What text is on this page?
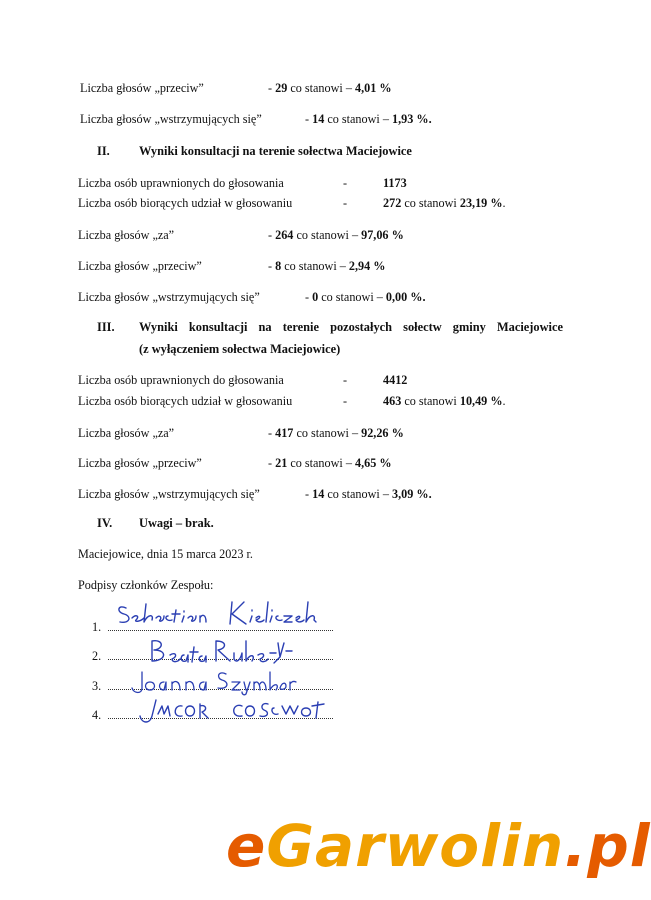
Liczba głosów „przeciw”	- 29 co stanowi – 4,01 %
Liczba głosów „wstrzymujących się”	- 14 co stanowi – 1,93 %.
II. Wyniki konsultacji na terenie sołectwa Maciejowice
Liczba osób uprawnionych do głosowania	-	1173
Liczba osób biorących udział w głosowaniu	-	272 co stanowi 23,19 %.
Liczba głosów „za”	- 264 co stanowi – 97,06 %
Liczba głosów „przeciw”	- 8 co stanowi – 2,94 %
Liczba głosów „wstrzymujących się”	- 0 co stanowi – 0,00 %.
III. Wyniki konsultacji na terenie pozostałych sołectw gminy Maciejowice
(z wyłączeniem sołectwa Maciejowice)
Liczba osób uprawnionych do głosowania	-	4412
Liczba osób biorących udział w głosowaniu	-	463 co stanowi 10,49 %.
Liczba głosów „za”	- 417 co stanowi – 92,26 %
Liczba głosów „przeciw”	- 21 co stanowi – 4,65 %
Liczba głosów „wstrzymujących się”	- 14 co stanowi – 3,09 %.
IV. Uwagi – brak.
Maciejowice, dnia 15 marca 2023 r.
Podpisy członków Zespołu:
1.
2.
3.
4.
eGarwolin.pl
